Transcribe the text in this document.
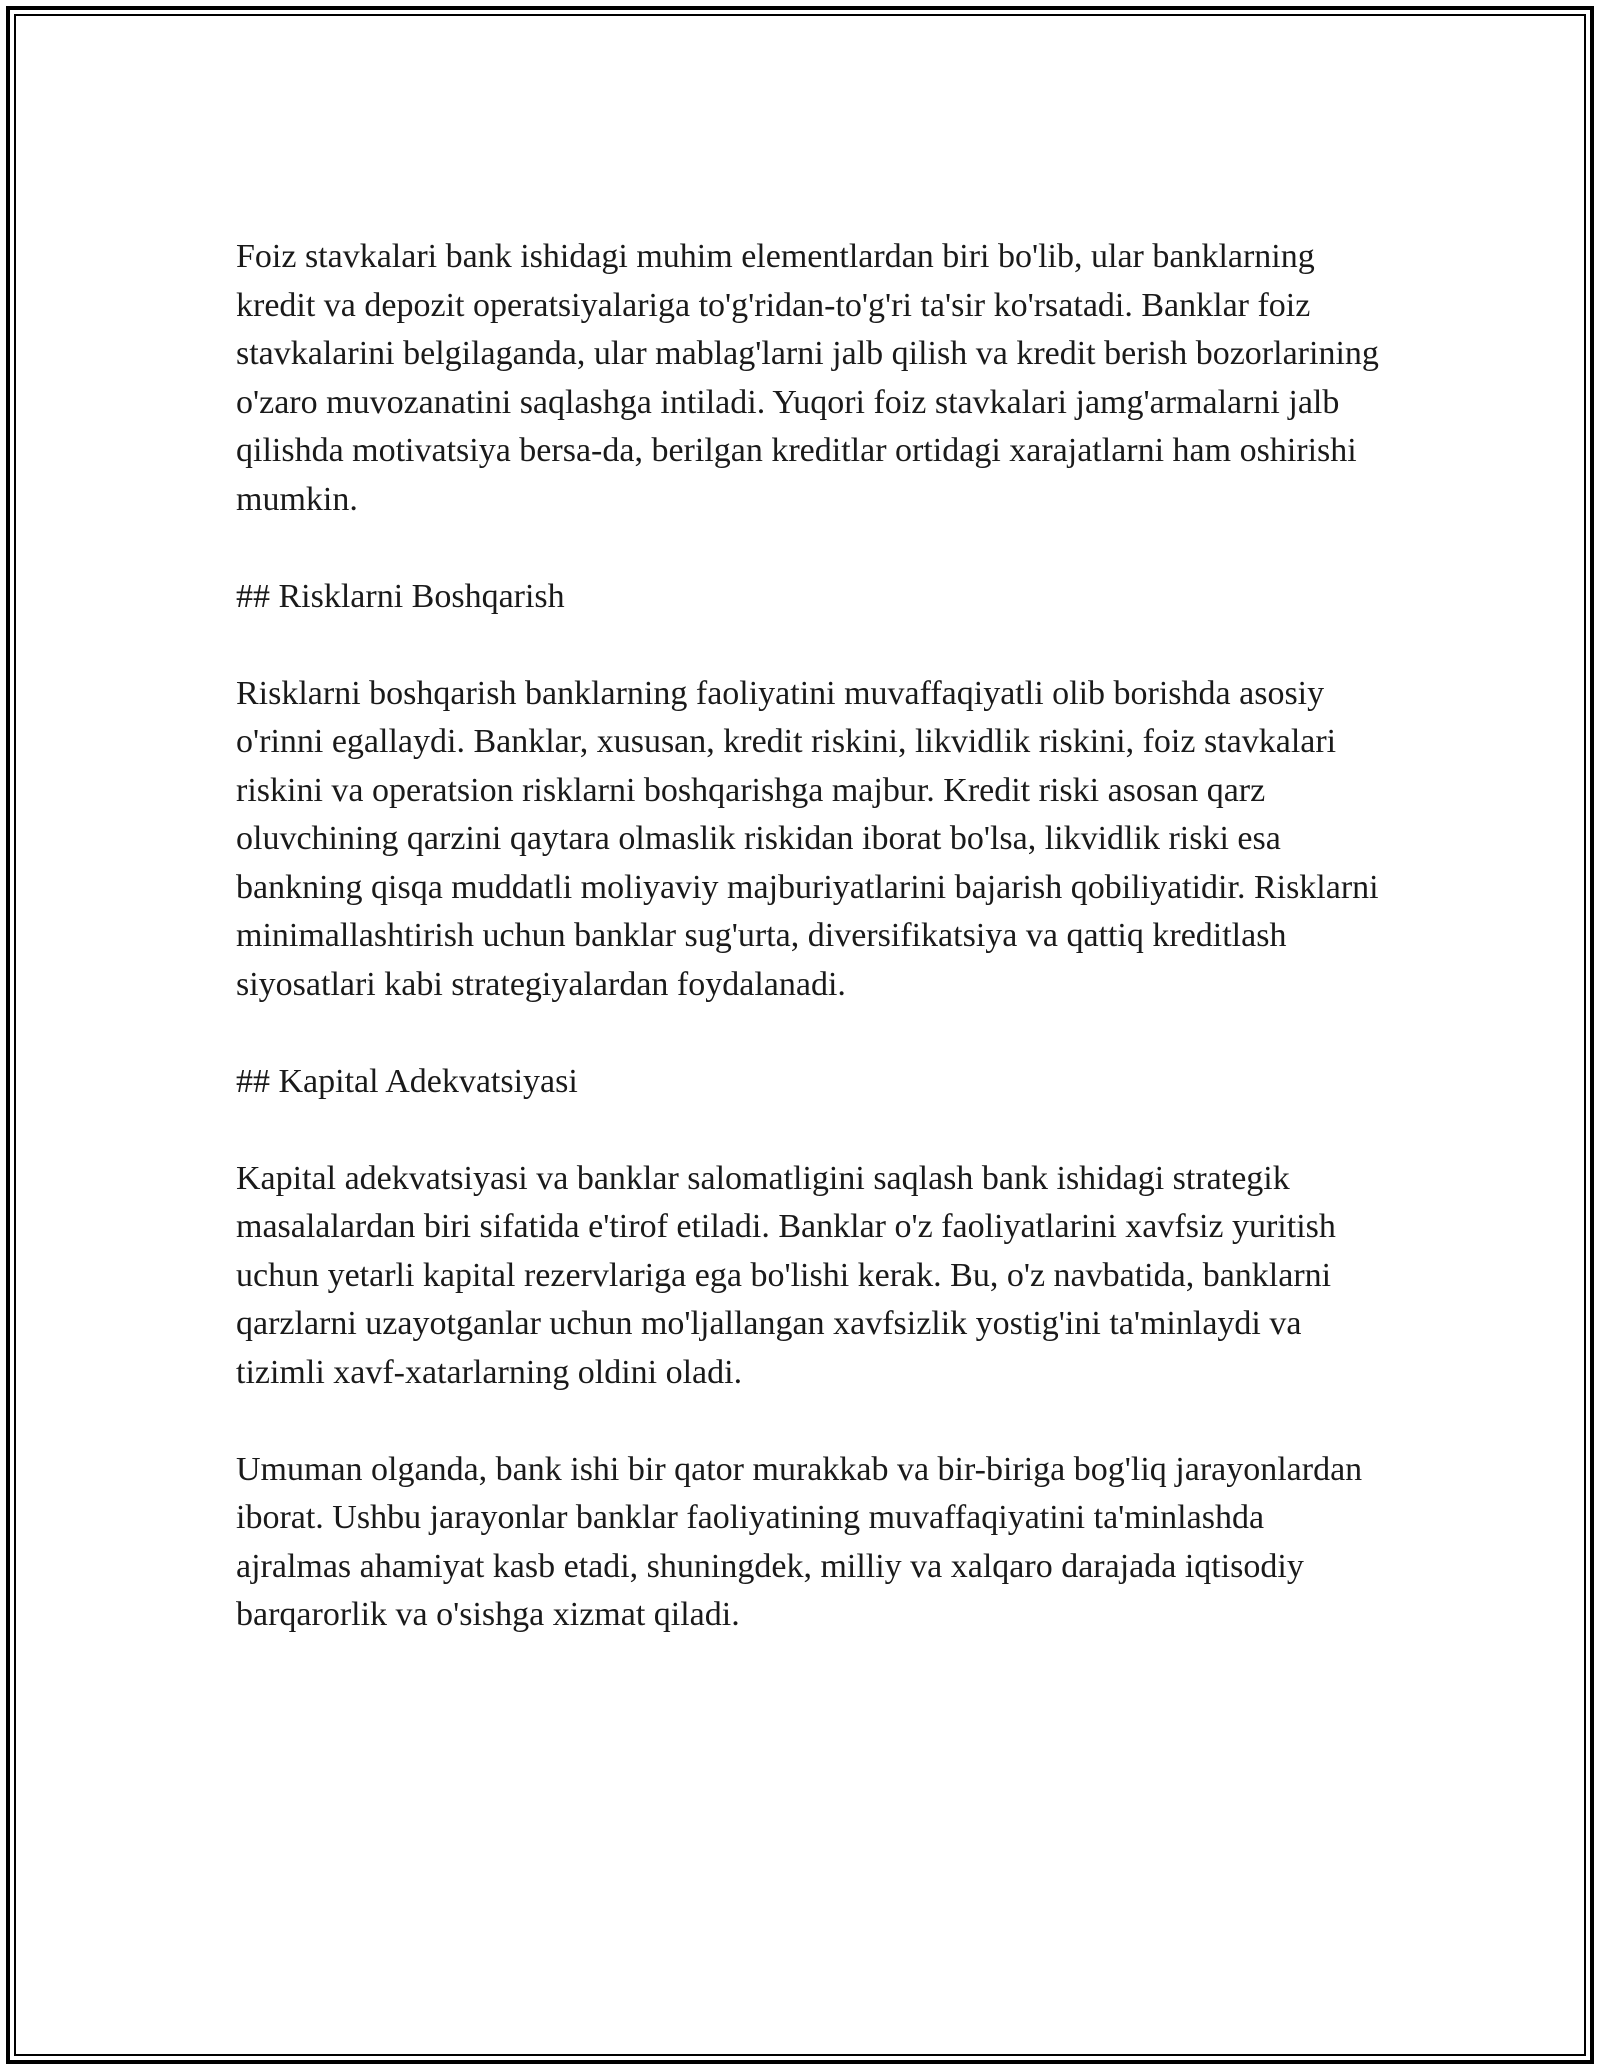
Foiz stavkalari bank ishidagi muhim elementlardan biri bo'lib, ular banklarning kredit va depozit operatsiyalariga to'g'ridan-to'g'ri ta'sir ko'rsatadi. Banklar foiz stavkalarini belgilaganda, ular mablag'larni jalb qilish va kredit berish bozorlarining o'zaro muvozanatini saqlashga intiladi. Yuqori foiz stavkalari jamg'armalarni jalb qilishda motivatsiya bersa-da, berilgan kreditlar ortidagi xarajatlarni ham oshirishi mumkin.

## Risklarni Boshqarish

Risklarni boshqarish banklarning faoliyatini muvaffaqiyatli olib borishda asosiy o'rinni egallaydi. Banklar, xususan, kredit riskini, likvidlik riskini, foiz stavkalari riskini va operatsion risklarni boshqarishga majbur. Kredit riski asosan qarz oluvchining qarzini qaytara olmaslik riskidan iborat bo'lsa, likvidlik riski esa bankning qisqa muddatli moliyaviy majburiyatlarini bajarish qobiliyatidir. Risklarni minimallashtirish uchun banklar sug'urta, diversifikatsiya va qattiq kreditlash siyosatlari kabi strategiyalardan foydalanadi.

## Kapital Adekvatsiyasi

Kapital adekvatsiyasi va banklar salomatligini saqlash bank ishidagi strategik masalalardan biri sifatida e'tirof etiladi. Banklar o'z faoliyatlarini xavfsiz yuritish uchun yetarli kapital rezervlariga ega bo'lishi kerak. Bu, o'z navbatida, banklarni qarzlarni uzayotganlar uchun mo'ljallangan xavfsizlik yostig'ini ta'minlaydi va tizimli xavf-xatarlarning oldini oladi.

Umuman olganda, bank ishi bir qator murakkab va bir-biriga bog'liq jarayonlardan iborat. Ushbu jarayonlar banklar faoliyatining muvaffaqiyatini ta'minlashda ajralmas ahamiyat kasb etadi, shuningdek, milliy va xalqaro darajada iqtisodiy barqarorlik va o'sishga xizmat qiladi.
